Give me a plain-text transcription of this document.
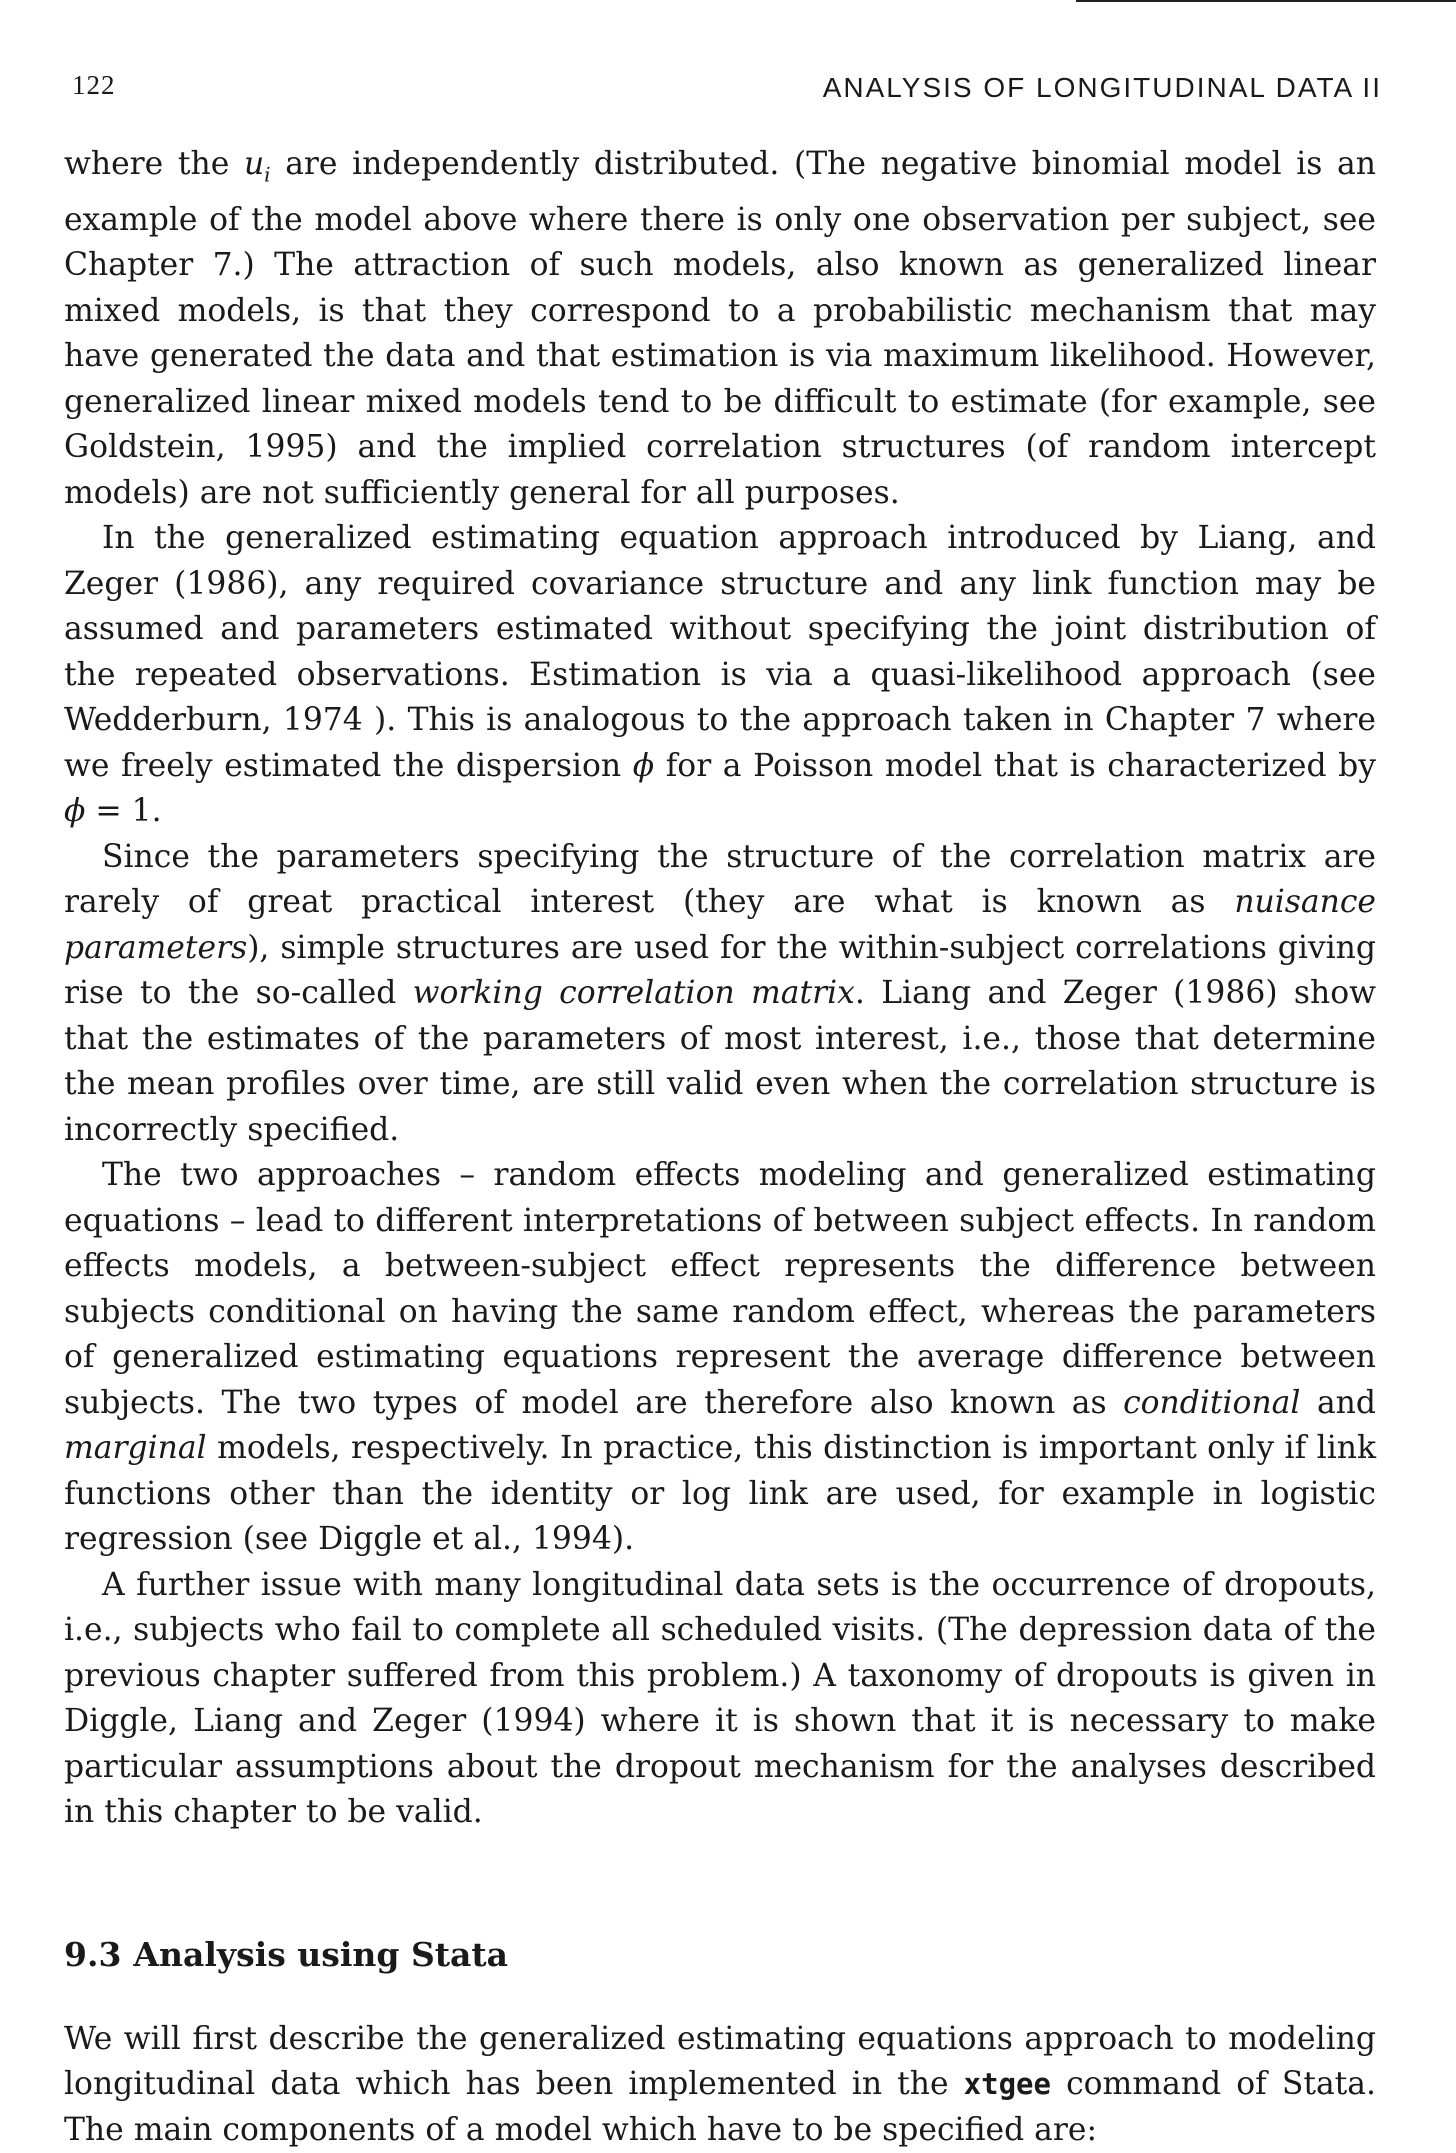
122	ANALYSIS OF LONGITUDINAL DATA II

where the $u_i$ are independently distributed. (The negative binomial model is an example of the model above where there is only one observation per subject, see Chapter 7.) The attraction of such models, also known as generalized linear mixed models, is that they correspond to a probabilistic mechanism that may have generated the data and that estimation is via maximum likelihood. However, generalized linear mixed models tend to be difficult to estimate (for example, see Goldstein, 1995) and the implied correlation structures (of random intercept models) are not sufficiently general for all purposes.

In the generalized estimating equation approach introduced by Liang, and Zeger (1986), any required covariance structure and any link function may be assumed and parameters estimated without specifying the joint distribution of the repeated observations. Estimation is via a quasi-likelihood approach (see Wedderburn, 1974 ). This is analogous to the approach taken in Chapter 7 where we freely estimated the dispersion ϕ for a Poisson model that is characterized by ϕ = 1.

Since the parameters specifying the structure of the correlation matrix are rarely of great practical interest (they are what is known as nuisance parameters), simple structures are used for the within-subject correlations giving rise to the so-called working correlation matrix. Liang and Zeger (1986) show that the estimates of the parameters of most interest, i.e., those that determine the mean profiles over time, are still valid even when the correlation structure is incorrectly specified.

The two approaches – random effects modeling and generalized estimating equations – lead to different interpretations of between subject effects. In random effects models, a between-subject effect represents the difference between subjects conditional on having the same random effect, whereas the parameters of generalized estimating equations represent the average difference between subjects. The two types of model are therefore also known as conditional and marginal models, respectively. In practice, this distinction is important only if link functions other than the identity or log link are used, for example in logistic regression (see Diggle et al., 1994).

A further issue with many longitudinal data sets is the occurrence of dropouts, i.e., subjects who fail to complete all scheduled visits. (The depression data of the previous chapter suffered from this problem.) A taxonomy of dropouts is given in Diggle, Liang and Zeger (1994) where it is shown that it is necessary to make particular assumptions about the dropout mechanism for the analyses described in this chapter to be valid.

9.3 Analysis using Stata

We will first describe the generalized estimating equations approach to modeling longitudinal data which has been implemented in the xtgee command of Stata. The main components of a model which have to be specified are:
